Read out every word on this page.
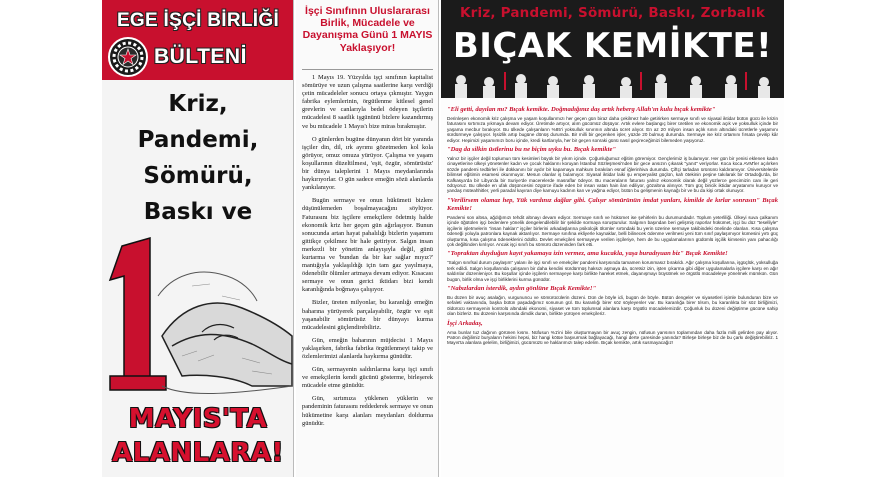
EGE İŞÇİ BİRLİĞİ
BÜLTENİ
Kriz, Pandemi, Sömürü, Baskı ve
MAYIS'TA ALANLARA!
İşçi Sınıfının Uluslararası Birlik, Mücadele ve Dayanışma Günü 1 MAYIS Yaklaşıyor!

1 Mayıs 19. Yüzyılda işçi sınıfının kapitalist sömürüye ve uzun çalışma saatlerine karşı verdiği çetin mücadeleler sonucu ortaya çıkmıştır. Yaygın fabrika eylemlerinin, örgütlenme kitlesel genel grevlerin ve canlarıyla bedel ödeyen işçilerin mücadelesi 8 saatlik işgününü bizlere kazandırmış ve bu mücadele 1 Mayıs'ı bize miras bırakmıştır.

O günlerden bugüne dünyanın dört bir yanında işçiler din, dil, ırk ayrımı gözetmeden kol kola görüyor, omuz omuza yürüyor. Çalışma ve yaşam koşullarının düzeltilmesi, 'eşit, özgür, sömürüsüz' bir dünya taleplerini 1 Mayıs meydanlarında haykırıyorlar. O gün sadece emeğin sözü alanlarda yankılanıyor.

Bugün sermaye ve onun hükümeti bizlere düşünülemeden boşalmayacağını söylüyor. Faturasını biz işçilere emekçilere ödetmiş halde ekonomik kriz her geçen gün ağırlaşıyor. Bunun sonucunda artan hayat pahalılığı bizlerin yaşamını gittikçe çekilmez bir hale getiriyor. Salgın insan merkezli bir yönetim anlayışıyla değil, günü kurtarma ve 'bundan da bir kar sağlar mıyız?' mantığıyla yaklaşıldığı için tam gaz yayılmaya, ödenebilir ölümler artmaya devam ediyor. Kısacası sermaye ve onun gerici iktidarı bizi kendi karanlığında boğmaya çalışıyor.

Bizler, üreten milyonlar, bu karanlığı emeğin baharına yürüyerek parçalayabilir, özgür ve eşit yaşanabilir sömürüsüz bir dünyayı kurma mücadelesini güçlendirebiliriz.

Gün, emeğin baharının müjdecisi 1 Mayıs yaklaşırken, fabrika fabrika örgütlenmeyi takip ve özlemlerimizi alanlarda haykırma günüdür.

Gün, sermayenin saldırılarına karşı işçi sınıfı ve emekçilerin kendi gücünü gösterme, birleşerek mücadele etme günüdür.

Gün, sırtımıza yüklenen yüklerin ve pandeminin faturasını reddederek sermaye ve onun hükümetine karşı alanları meydanları doldurma günüdür.

Kriz, Pandemi, Sömürü, Baskı, Zorbalık
BIÇAK KEMİKTE!
"Eli getti, dayılan mı? Bıçak kemikte. Doğmadığınız daş artık heberg Allah'ın kulu bıçak kemikte"

Derinleşen ekonomik kriz çalışma ve yaşam koşullarımızı her geçen gün biraz daha çekilmez hale getirirken sermaye sınıfı ve siyasal iktidar bütün gücü ile krizin faturasını sırtımıza yıkmaya devam ediyor. Üretimde artıyor, alım gücümüz düşüyor. Artık evlere başlangıç birer üretilen ve ekonomik açık ve yoksulluk içinde bir yaşama mecbur bırakıyor. Bu ülkede çalışanların %85'i yoksulluk sınırının altında ücret alıyor. En az 20 milyon insan açlık sınırı altındaki ücretlerle yaşamını sürdürmeye çalışıyor. İşsizlik artıp bugüne dönüş durumda. Bir milli bir geçenken işler, yüzde 20 bulmuş durumda. Sermaye ise kriz ortamını fırsata çevirip kâr ediyor. Hepimizi yaşamımızı boru içinde, kredi kartlarıyla, her bir geçen sonraki günü nasıl geçireceğimizi bilemeden yaşıyoruz.

"Dag da silkin üstlerinu bu ne biçim uyku bu. Bıçak kemikte"

Yalnız bir işçiler değil toplumun tüm kesimleri büyük bir yıkım içinde. Çoğunluğumuz eğitim göremiyor. Gençlerimiz iş bulamıyor. Her gün bir yenisi eklenen kadın cinayetlerine ülkeyi yönetenler kadın ve çocuk haklarını koruyan İstanbul Sözleşmesi'nden bir gece ansızın çıkarak "yanıt" veriyorlar. Koca koca AVM'ler açılırken sözde pandemi tedbirleri ile dükkanını bir aydır bir kapamaya mahkum bırakılan esnaf iğlerinhiva durumda. Çiftçi tarladan ürününü kaldıramıyor. Üniversitelerde bilimsel eğitimin esamesi okunmuyor. Mesun olanlar iş bulamıyor. Siyasal iktidar laiki şu emperyalist güçlün, kah ötekinin peşine takılarak bir Ortadoğu'da, bir Kafkasya'da bir Libya'da bir Suriye'de macerelerde masraflar ödeyor. Bu maceraların faturası yalnız ekonomik olarak değil yüzlerce gencimizin canı ile geri ödüyoruz. Bu ülkede en ufak düşüncesini özgürce ifade eden bir insan vatan hain ilan ediliyor, gözaltına alınıyor. Tüm güç biricik iktidar aryatanımı kuruyor ve yandaş müteahhitler, yerli paradal kayıran diye kamuyu kadının kan ve yağma ediyor, bütün bu gelişmenin kaynağı bir ve bu da kişi ortak olunuyor.

"Verilirsem olamaz hep, Yük vardınız dağlar gibi. Çalışır sömürünün imdat yanları, kimilde de kırlar sonrasın" Bıçak Kemikte!

Pandemi son altısa, ağdığımızı tehdit altınayı devam ediyor. Sermaye sınıfı ve hükümet ise şehirlerin bu durumundadır. Toplum yeterliliği. Ülkeyi suva çalkanım içinde öğütülen işçi bedenlere yönelik dengelendilebilir bir şekilde sormaya soruşturulur. Salgının başından beri gelişmiş raporlar hükümet, işçi bu düz "teselliyle" işçilerin işletmelerin "insan hakları" işçiler birlerini arkadaşlarına psikolojik ölümler sırtındaki bu yerin üzerine sermaye takibindeki önelinde olanları. Kısa çalışma ödeneği yoluyla patronlara kaynak aktarılıyor. Sermaye sınıfına ekliyerle kaynaklar, belli bilinecek ödenme verilmesi yeni tüm sınıf paylaşımıyor kümesini yırtı güç oluşturma, kısa çalışma ödeneklerini ödüllü. Devlet emekçileri sermayeye verilen işçileriye, hem de bu uygulamalarının güdümlü işçilik kimsenin yanı pahacılığı çok değiltinden kırılıyor. Ancak işçi sınıfı bu sömürü düzeninden fark etti.

"Topraktan duyduğun kayıt yakamaya izin vermez, ama kucakla, yaşa buradıyuan biz" Bıçak Kemikte!

"Salgın sınıfsal durum paylaşım" yalanı ile işçi sınıfı ve emekçiler pandemi karşısında tamamen korunmasız bırakıldı. Ağır çalışma koşullarına, işgüçlük, yoksulluğa terk edildi. Salgın koşullarında çalışanın bir daha kendini sürdürmüş haksızı aşmaya da, ücretsiz izin, işten çıkarma gibi diğer uygulamalarla işçilere karşı en ağır saldırılar düzenleniyor. Bu koşullar içinde işçilerin sermayeye karşı birlikte hareket etmek, dayanışmayı büyütmek ve örgütlü mücadeleye yönelmek mümkün. Gün bugün, birlik olma ve işçi birliklerini kurma günüdür.

"Nabızlardan isterdik, aydın gönlüne Bıçak Kemikte!"

Bu düzen bir avuç asalağın, vurgununcu ve sömürücülerin düzeni. Dün de böyle idi, bugün de böyle. Bütün dengeler ve siyasetleri işimle bulunduran bize ve sefaleti vaktanında, başka bütün paşadağımız sonunun gül. Bu karanlığı birer söz söyleyenler var. Bu karanlığa birer tılsım, bu karanlıkta bir söz birliğimizi, öldürücü sermayenin kontrolü altındaki ekonomi, siyaset ve tüm toplumsal alanlara karşı örgütlü mücadelemizdir. Çoğunluk bu düzeni değiştirme gücüne sahip olan bizleriz. Bu düzenin karşısında dimdik duran, birlikte yürüyen emekçileriz.

İşçi Arkadaş,

Ama bunlar tuz dağının görünen kısmı. Nüfusun %1'ini bile oluşturmayan bir avuç zengin, nüfusun yarısının toplamından daha fazla milli gelirden pay alıyor. Patron değilimiz buryaların hekimi hepsi, biz hangi kötüe başvurmak bağlayacağı, hangi derte çaresinde yanında? Birleşe birleşe biz de bu çarkı değiştirebiliriz. 1 Mayıs'ta alanlara gelelim, birliğimizi, gücümüzü ve haklarımızı talep edelim. Bıçak kemikte, artık susmayacağız!
